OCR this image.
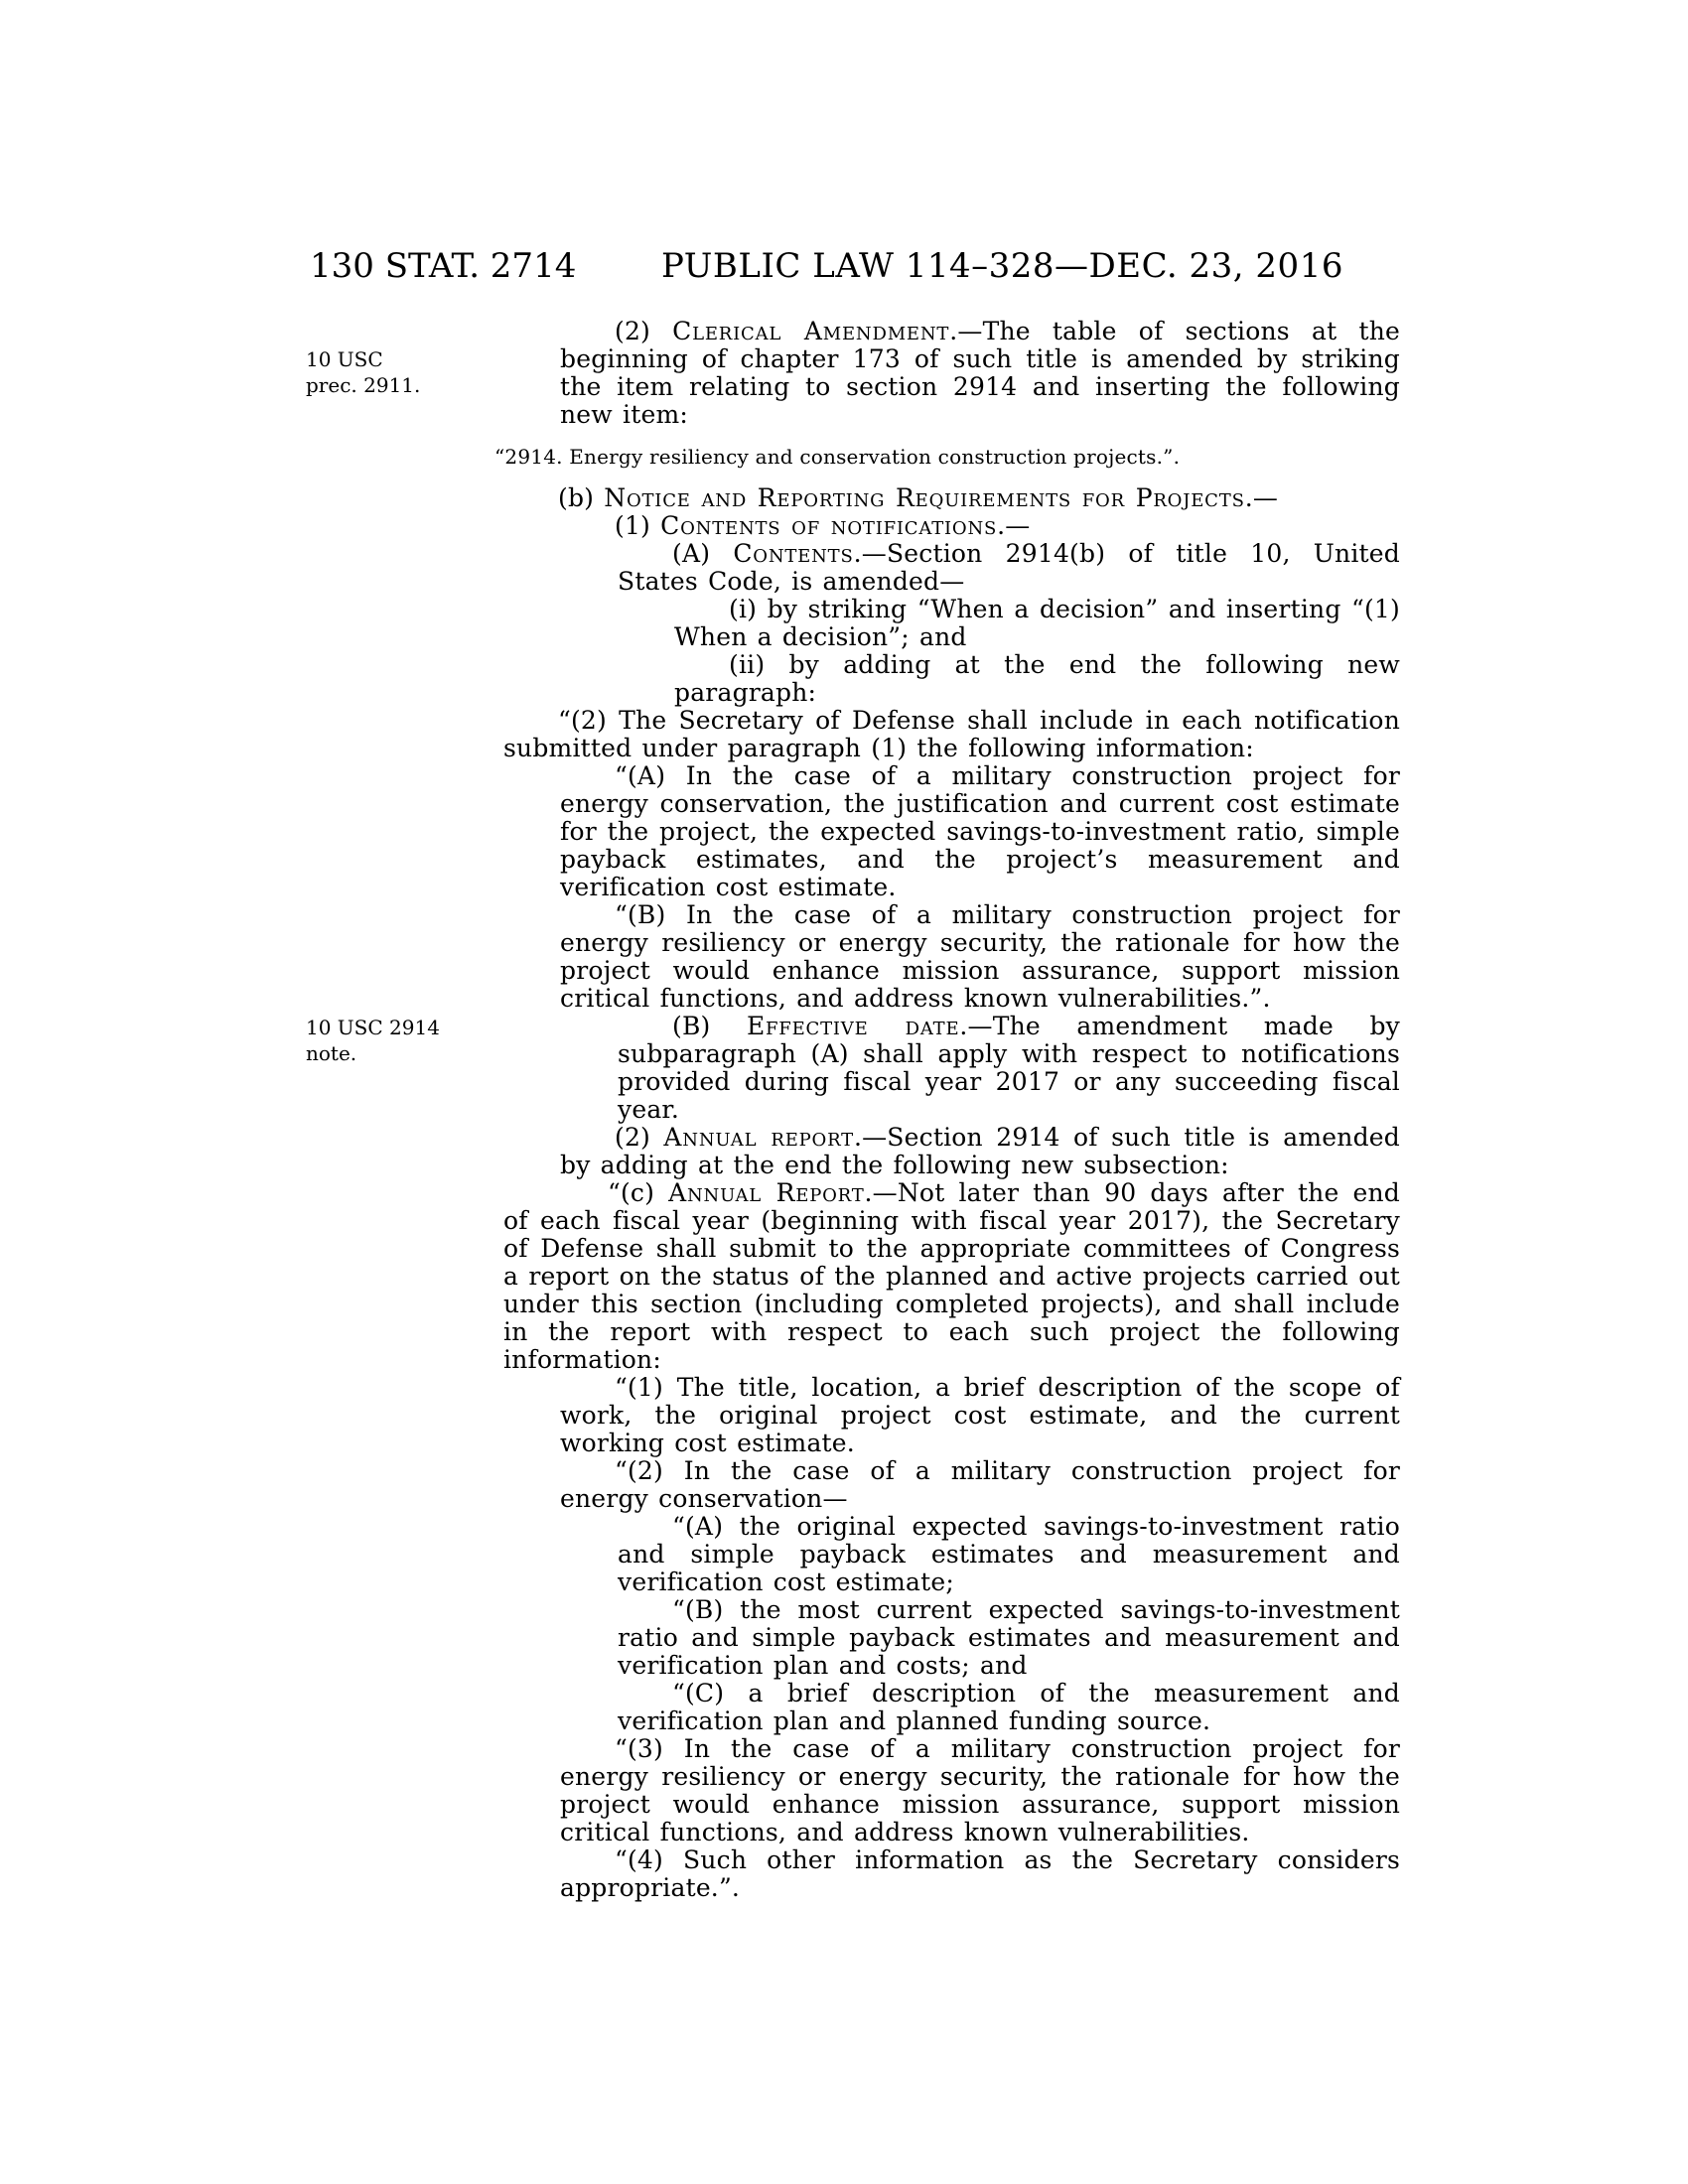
130 STAT. 2714	PUBLIC LAW 114–328—DEC. 23, 2016
10 USC
prec. 2911.
10 USC 2914
note.

(2) Clerical Amendment.—The table of sections at the beginning of chapter 173 of such title is amended by striking the item relating to section 2914 and inserting the following new item:

“2914. Energy resiliency and conservation construction projects.”.

(b) Notice and Reporting Requirements for Projects.—

(1) Contents of notifications.—

(A) Contents.—Section 2914(b) of title 10, United States Code, is amended—

(i) by striking “When a decision” and inserting “(1) When a decision”; and

(ii) by adding at the end the following new paragraph:

“(2) The Secretary of Defense shall include in each notification submitted under paragraph (1) the following information:

“(A) In the case of a military construction project for energy conservation, the justification and current cost estimate for the project, the expected savings-to-investment ratio, simple payback estimates, and the project’s measurement and verification cost estimate.

“(B) In the case of a military construction project for energy resiliency or energy security, the rationale for how the project would enhance mission assurance, support mission critical functions, and address known vulnerabilities.”.

(B) Effective date.—The amendment made by subparagraph (A) shall apply with respect to notifications provided during fiscal year 2017 or any succeeding fiscal year.

(2) Annual report.—Section 2914 of such title is amended by adding at the end the following new subsection:

“(c) Annual Report.—Not later than 90 days after the end of each fiscal year (beginning with fiscal year 2017), the Secretary of Defense shall submit to the appropriate committees of Congress a report on the status of the planned and active projects carried out under this section (including completed projects), and shall include in the report with respect to each such project the following information:

“(1) The title, location, a brief description of the scope of work, the original project cost estimate, and the current working cost estimate.

“(2) In the case of a military construction project for energy conservation—

“(A) the original expected savings-to-investment ratio and simple payback estimates and measurement and verification cost estimate;

“(B) the most current expected savings-to-investment ratio and simple payback estimates and measurement and verification plan and costs; and

“(C) a brief description of the measurement and verification plan and planned funding source.

“(3) In the case of a military construction project for energy resiliency or energy security, the rationale for how the project would enhance mission assurance, support mission critical functions, and address known vulnerabilities.

“(4) Such other information as the Secretary considers appropriate.”.
